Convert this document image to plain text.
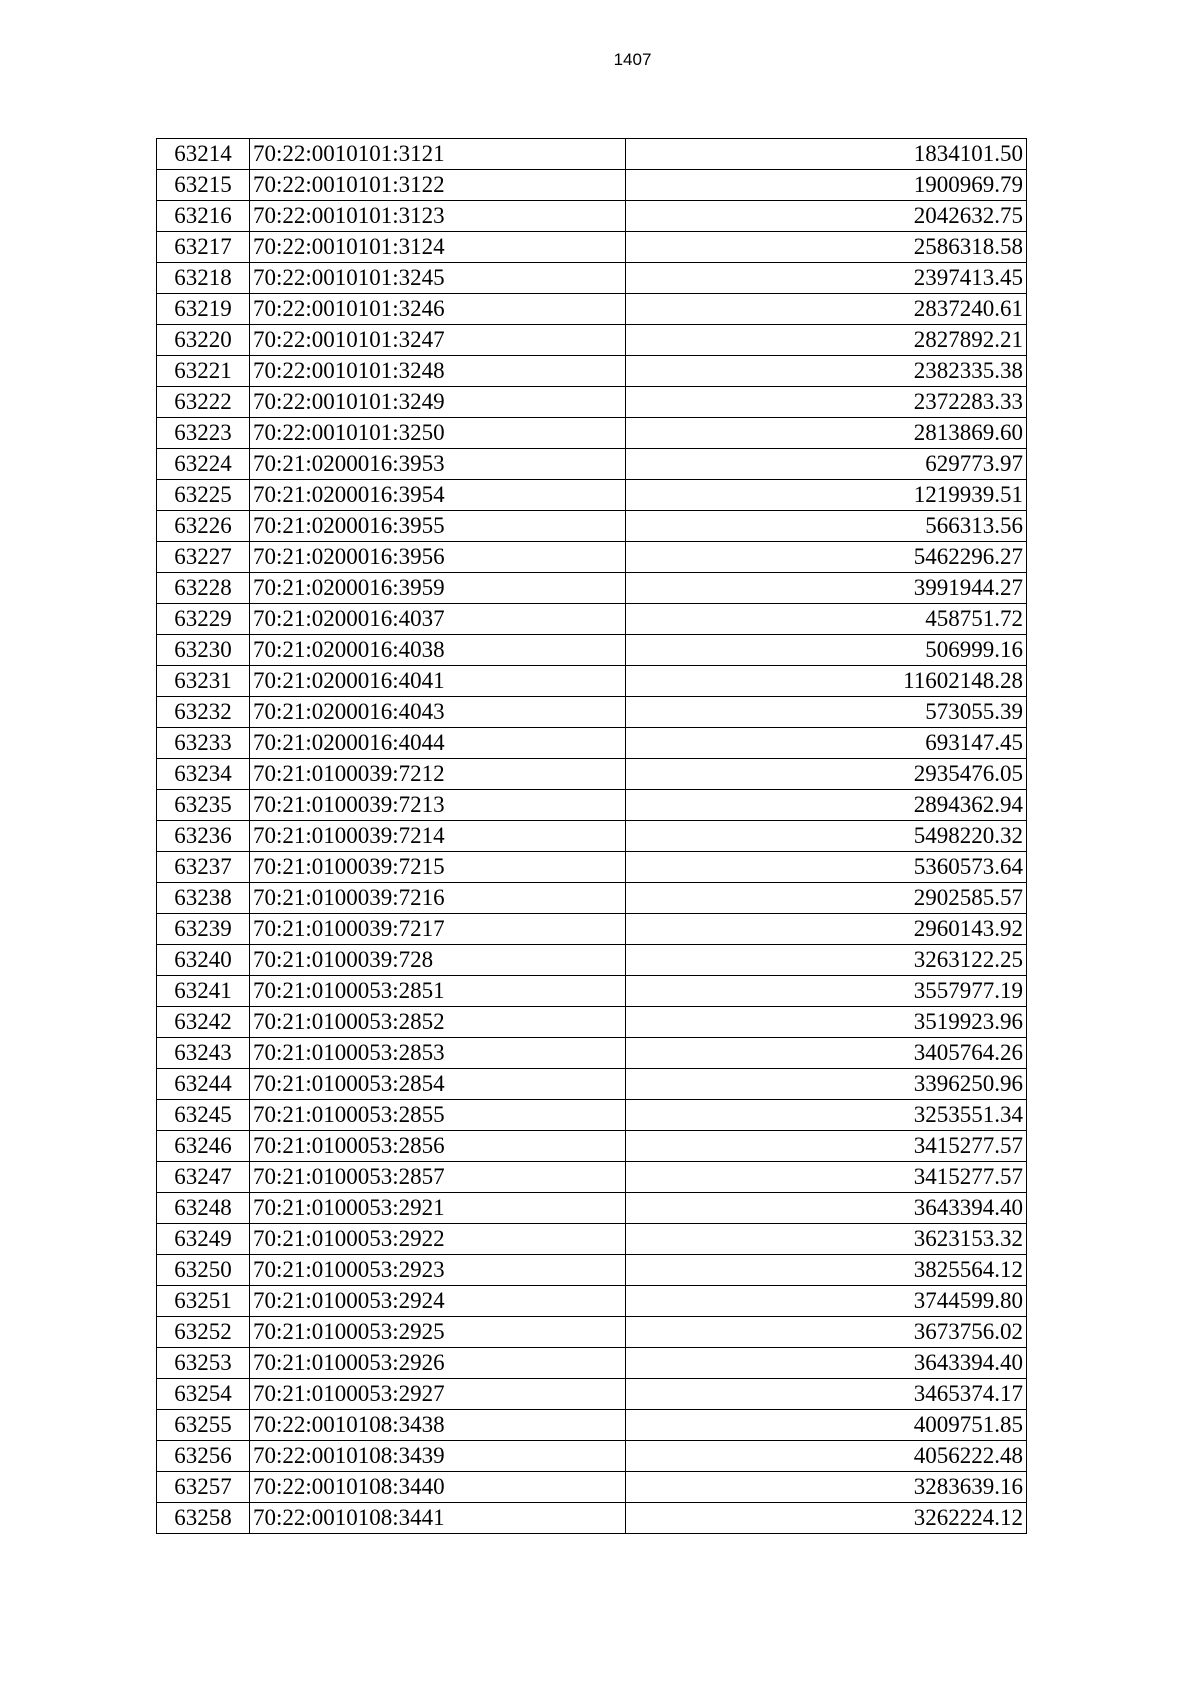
1407
63214	70:22:0010101:3121	1834101.50
63215	70:22:0010101:3122	1900969.79
63216	70:22:0010101:3123	2042632.75
63217	70:22:0010101:3124	2586318.58
63218	70:22:0010101:3245	2397413.45
63219	70:22:0010101:3246	2837240.61
63220	70:22:0010101:3247	2827892.21
63221	70:22:0010101:3248	2382335.38
63222	70:22:0010101:3249	2372283.33
63223	70:22:0010101:3250	2813869.60
63224	70:21:0200016:3953	629773.97
63225	70:21:0200016:3954	1219939.51
63226	70:21:0200016:3955	566313.56
63227	70:21:0200016:3956	5462296.27
63228	70:21:0200016:3959	3991944.27
63229	70:21:0200016:4037	458751.72
63230	70:21:0200016:4038	506999.16
63231	70:21:0200016:4041	11602148.28
63232	70:21:0200016:4043	573055.39
63233	70:21:0200016:4044	693147.45
63234	70:21:0100039:7212	2935476.05
63235	70:21:0100039:7213	2894362.94
63236	70:21:0100039:7214	5498220.32
63237	70:21:0100039:7215	5360573.64
63238	70:21:0100039:7216	2902585.57
63239	70:21:0100039:7217	2960143.92
63240	70:21:0100039:728	3263122.25
63241	70:21:0100053:2851	3557977.19
63242	70:21:0100053:2852	3519923.96
63243	70:21:0100053:2853	3405764.26
63244	70:21:0100053:2854	3396250.96
63245	70:21:0100053:2855	3253551.34
63246	70:21:0100053:2856	3415277.57
63247	70:21:0100053:2857	3415277.57
63248	70:21:0100053:2921	3643394.40
63249	70:21:0100053:2922	3623153.32
63250	70:21:0100053:2923	3825564.12
63251	70:21:0100053:2924	3744599.80
63252	70:21:0100053:2925	3673756.02
63253	70:21:0100053:2926	3643394.40
63254	70:21:0100053:2927	3465374.17
63255	70:22:0010108:3438	4009751.85
63256	70:22:0010108:3439	4056222.48
63257	70:22:0010108:3440	3283639.16
63258	70:22:0010108:3441	3262224.12
